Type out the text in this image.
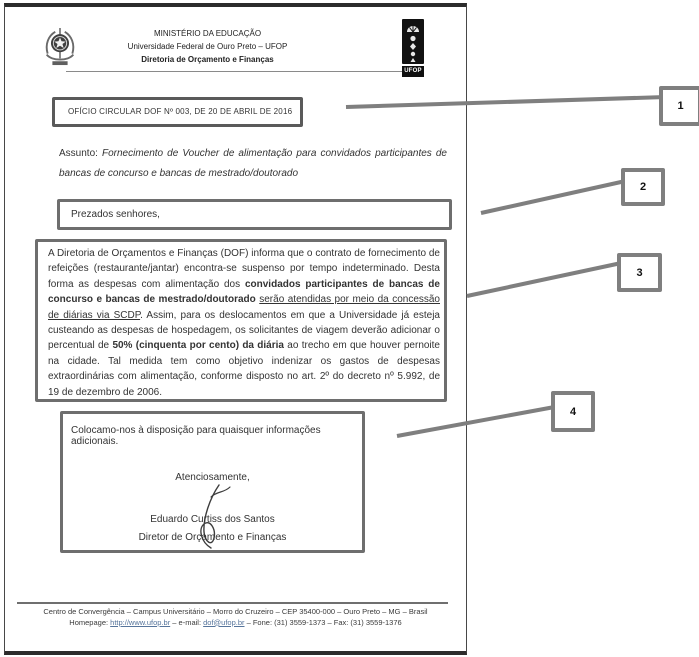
MINISTÉRIO DA EDUCAÇÃO
Universidade Federal de Ouro Preto – UFOP
Diretoria de Orçamento e Finanças
UFOP
OFÍCIO CIRCULAR DOF Nº 003, DE 20 DE ABRIL DE 2016
Assunto: Fornecimento de Voucher de alimentação para convidados participantes de bancas de concurso e bancas de mestrado/doutorado
Prezados senhores,

A Diretoria de Orçamentos e Finanças (DOF) informa que o contrato de fornecimento de refeições (restaurante/jantar) encontra-se suspenso por tempo indeterminado. Desta forma as despesas com alimentação dos convidados participantes de bancas de concurso e bancas de mestrado/doutorado serão atendidas por meio da concessão de diárias via SCDP. Assim, para os deslocamentos em que a Universidade já esteja custeando as despesas de hospedagem, os solicitantes de viagem deverão adicionar o percentual de 50% (cinquenta por cento) da diária ao trecho em que houver pernoite na cidade. Tal medida tem como objetivo indenizar os gastos de despesas extraordinárias com alimentação, conforme disposto no art. 2º do decreto nº 5.992, de 19 de dezembro de 2006.

Colocamo-nos à disposição para quaisquer informações adicionais.
Atenciosamente,
Eduardo Curtiss dos Santos
Diretor de Orçamento e Finanças
Centro de Convergência – Campus Universitário – Morro do Cruzeiro – CEP 35400-000 – Ouro Preto – MG – Brasil
Homepage: http://www.ufop.br – e-mail: dof@ufop.br – Fone: (31) 3559-1373 – Fax: (31) 3559-1376
1
2
3
4
